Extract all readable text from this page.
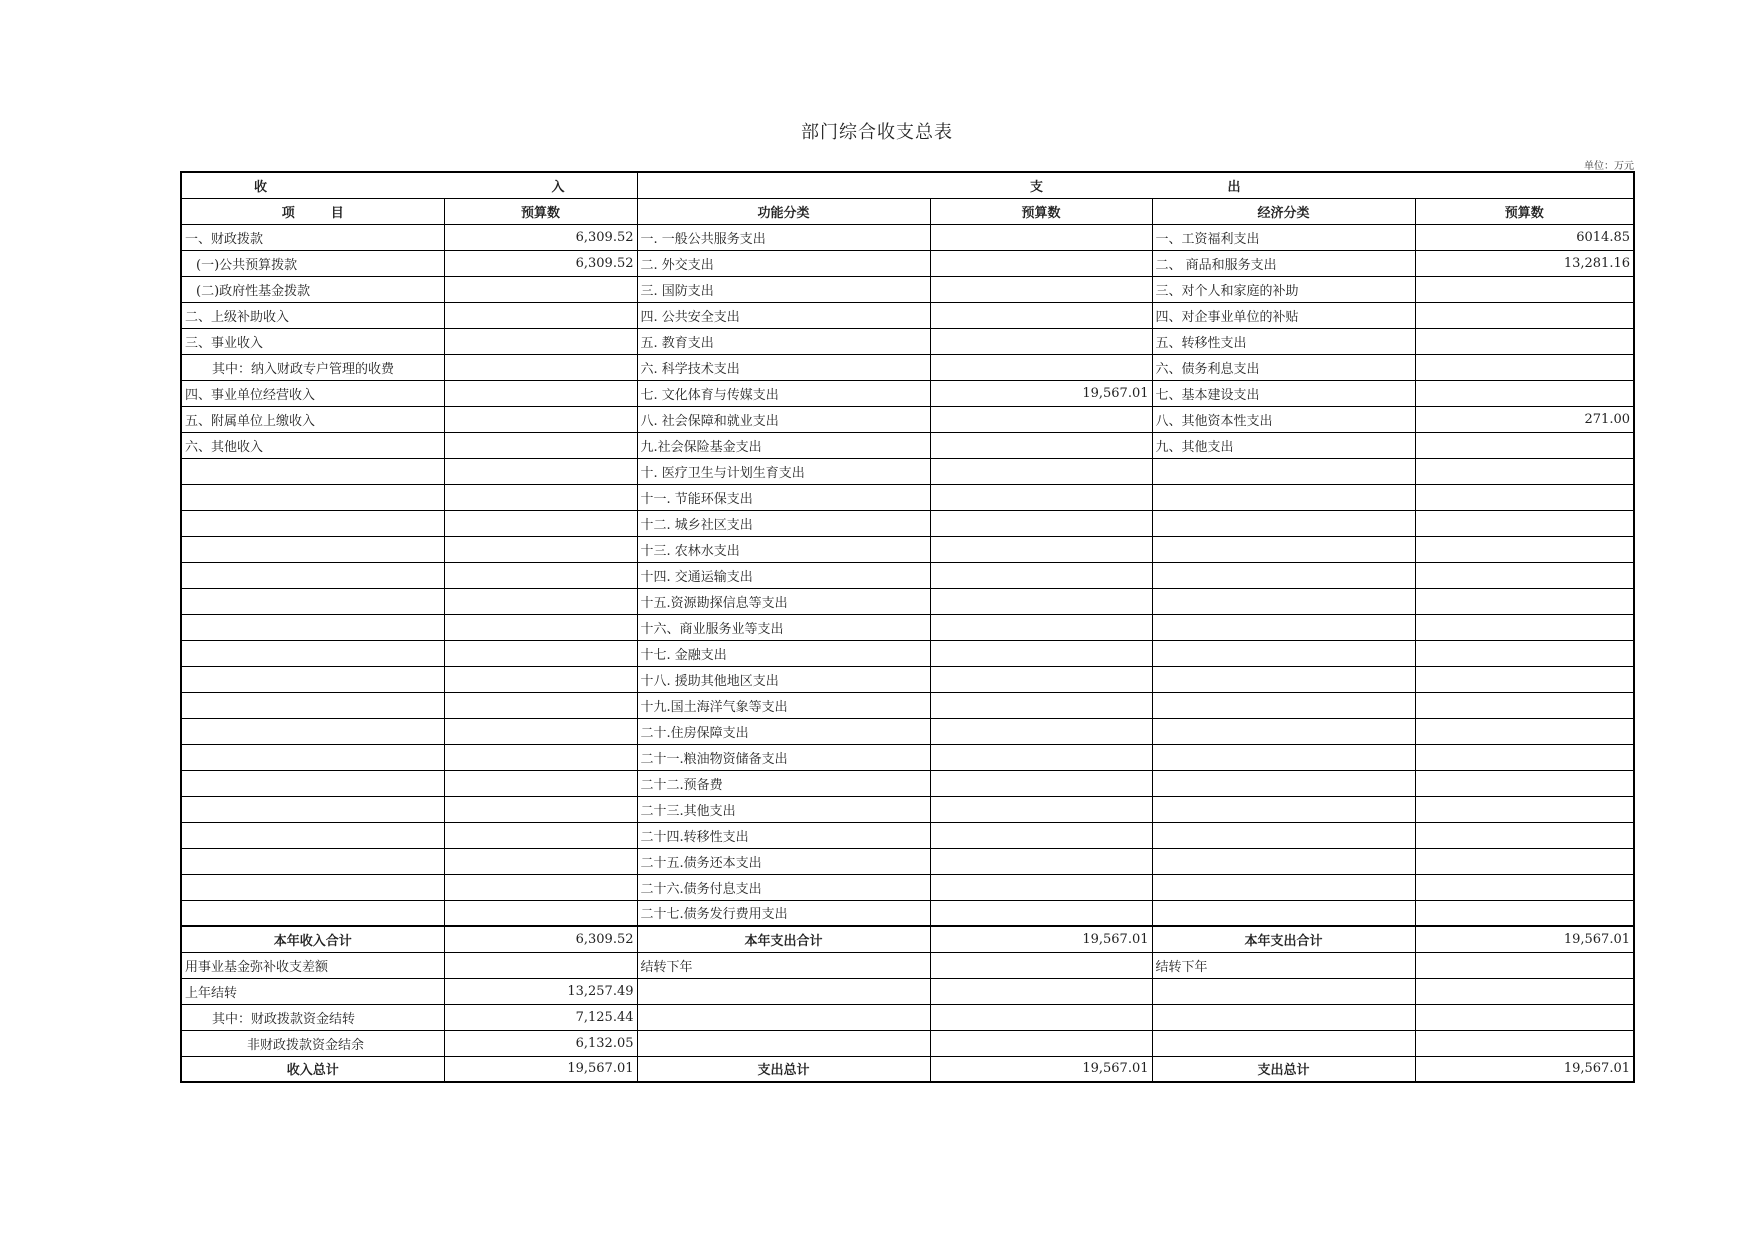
部门综合收支总表
单位：万元
收 入		支 出			
项 目	预算数	功能分类	预算数	经济分类	预算数
一、财政拨款	6,309.52	一. 一般公共服务支出		一、工资福利支出	6014.85
(一)公共预算拨款	6,309.52	二. 外交支出		二、 商品和服务支出	13,281.16
(二)政府性基金拨款		三. 国防支出		三、对个人和家庭的补助	
二、上级补助收入		四. 公共安全支出		四、对企事业单位的补贴	
三、事业收入		五. 教育支出		五、转移性支出	
其中：纳入财政专户管理的收费		六. 科学技术支出		六、债务利息支出	
四、事业单位经营收入		七. 文化体育与传媒支出	19,567.01	七、基本建设支出	
五、附属单位上缴收入		八. 社会保障和就业支出		八、其他资本性支出	271.00
六、其他收入		九.社会保险基金支出		九、其他支出	
		十. 医疗卫生与计划生育支出			
		十一. 节能环保支出			
		十二. 城乡社区支出			
		十三. 农林水支出			
		十四. 交通运输支出			
		十五.资源勘探信息等支出			
		十六、商业服务业等支出			
		十七. 金融支出			
		十八. 援助其他地区支出			
		十九.国土海洋气象等支出			
		二十.住房保障支出			
		二十一.粮油物资储备支出			
		二十二.预备费			
		二十三.其他支出			
		二十四.转移性支出			
		二十五.债务还本支出			
		二十六.债务付息支出			
		二十七.债务发行费用支出			
本年收入合计	6,309.52	本年支出合计	19,567.01	本年支出合计	19,567.01
用事业基金弥补收支差额		结转下年		结转下年	
上年结转	13,257.49				
其中：财政拨款资金结转	7,125.44				
非财政拨款资金结余	6,132.05				
收入总计	19,567.01	支出总计	19,567.01	支出总计	19,567.01
